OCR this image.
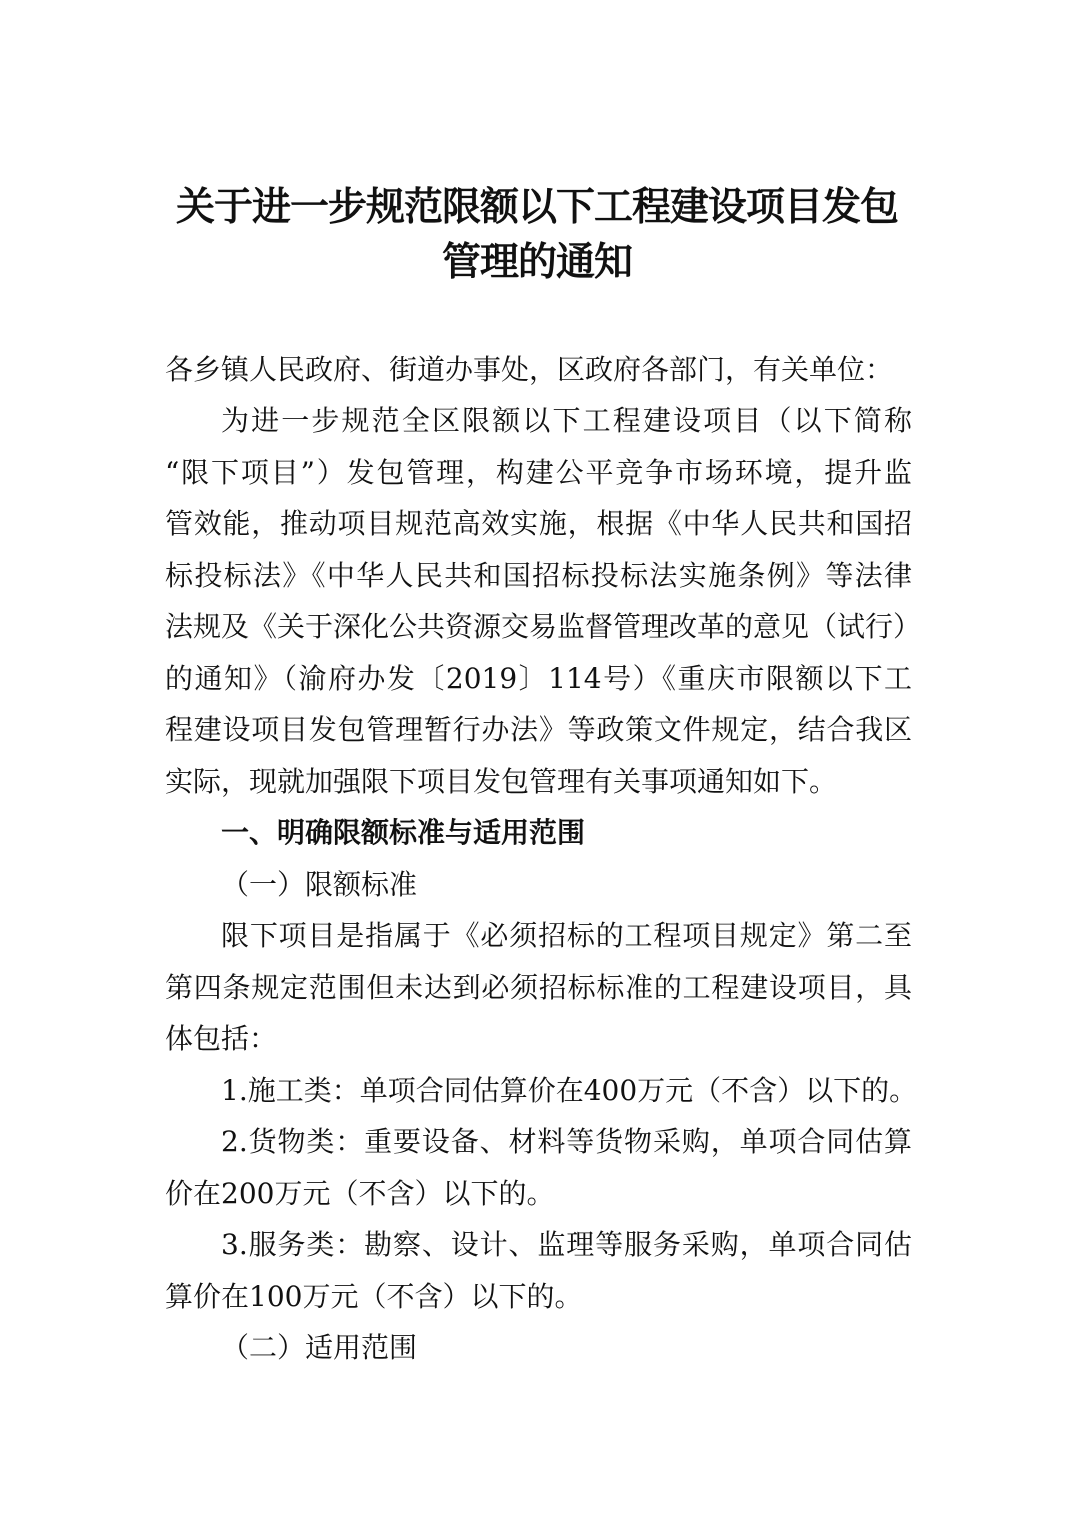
关于进一步规范限额以下工程建设项目发包
管理的通知
各乡镇人民政府、街道办事处，区政府各部门，有关单位：
为进一步规范全区限额以下工程建设项目（以下简称
“限下项目”）发包管理，构建公平竞争市场环境，提升监
管效能，推动项目规范高效实施，根据《中华人民共和国招
标投标法》《中华人民共和国招标投标法实施条例》等法律
法规及《关于深化公共资源交易监督管理改革的意见（试行）
的通知》（渝府办发〔2019〕114号）《重庆市限额以下工
程建设项目发包管理暂行办法》等政策文件规定，结合我区
实际，现就加强限下项目发包管理有关事项通知如下。
一、明确限额标准与适用范围
（一）限额标准
限下项目是指属于《必须招标的工程项目规定》第二至
第四条规定范围但未达到必须招标标准的工程建设项目，具
体包括：
1.施工类：单项合同估算价在400万元（不含）以下的。
2.货物类：重要设备、材料等货物采购，单项合同估算
价在200万元（不含）以下的。
3.服务类：勘察、设计、监理等服务采购，单项合同估
算价在100万元（不含）以下的。
（二）适用范围
